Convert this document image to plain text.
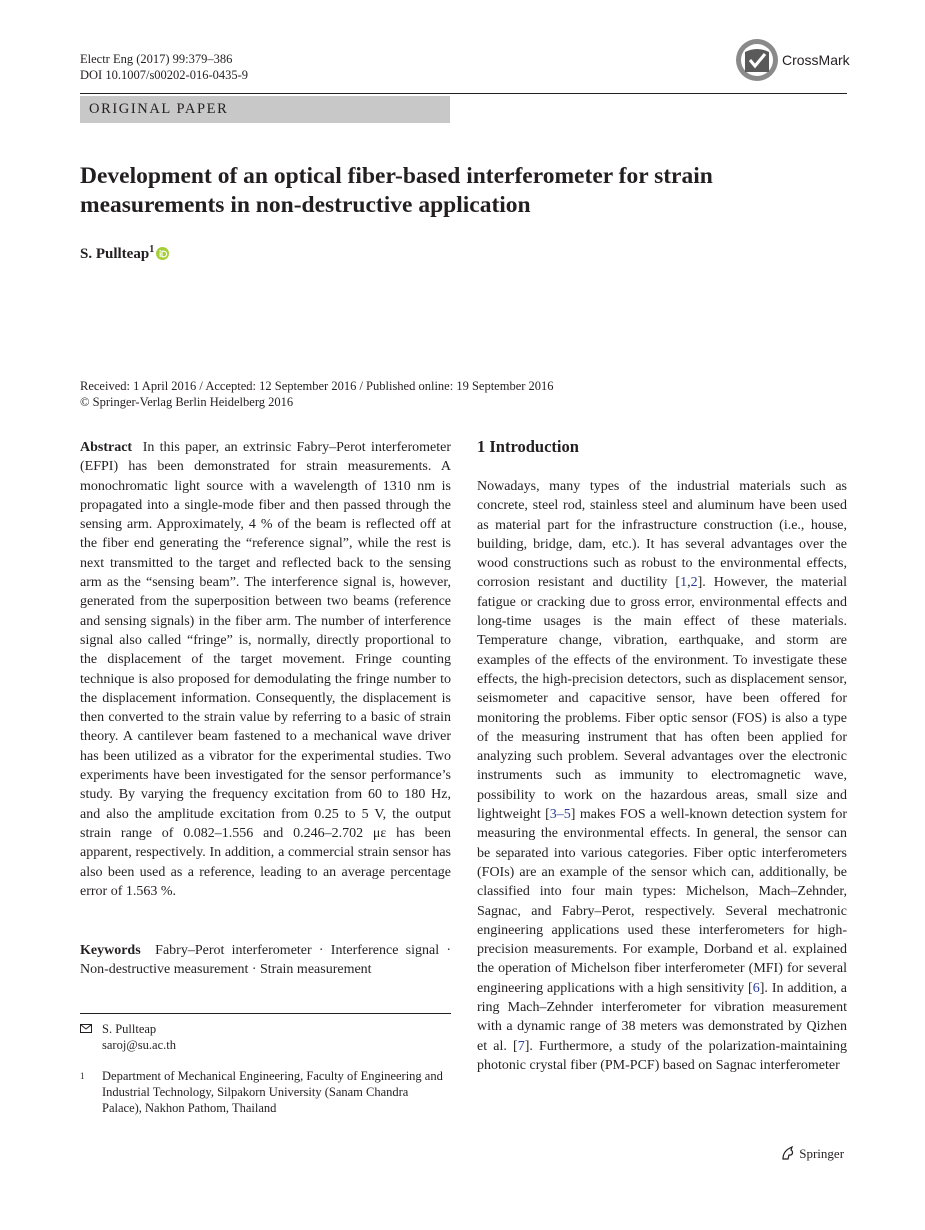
Electr Eng (2017) 99:379–386
DOI 10.1007/s00202-016-0435-9
CrossMark
ORIGINAL PAPER
Development of an optical fiber-based interferometer for strain
measurements in non-destructive application
S. Pullteap$^1$
Received: 1 April 2016 / Accepted: 12 September 2016 / Published online: 19 September 2016
© Springer-Verlag Berlin Heidelberg 2016
Abstract In this paper, an extrinsic Fabry–Perot interferometer (EFPI) has been demonstrated for strain measurements. A monochromatic light source with a wavelength of 1310 nm is propagated into a single-mode fiber and then passed through the sensing arm. Approximately, 4 % of the beam is reflected off at the fiber end generating the “reference signal”, while the rest is next transmitted to the target and reflected back to the sensing arm as the “sensing beam”. The interference signal is, however, generated from the superposition between two beams (reference and sensing signals) in the fiber arm. The number of interference signal also called “fringe” is, normally, directly proportional to the displacement of the target movement. Fringe counting technique is also proposed for demodulating the fringe number to the displacement information. Consequently, the displacement is then converted to the strain value by referring to a basic of strain theory. A cantilever beam fastened to a mechanical wave driver has been utilized as a vibrator for the experimental studies. Two experiments have been investigated for the sensor performance’s study. By varying the frequency excitation from 60 to 180 Hz, and also the amplitude excitation from 0.25 to 5 V, the output strain range of 0.082–1.556 and 0.246–2.702 με has been apparent, respectively. In addition, a commercial strain sensor has also been used as a reference, leading to an average percentage error of 1.563 %.
Keywords Fabry–Perot interferometer · Interference signal · Non-destructive measurement · Strain measurement
S. Pullteap
saroj@su.ac.th
1 Department of Mechanical Engineering, Faculty of Engineering and Industrial Technology, Silpakorn University (Sanam Chandra Palace), Nakhon Pathom, Thailand
1 Introduction
Nowadays, many types of the industrial materials such as concrete, steel rod, stainless steel and aluminum have been used as material part for the infrastructure construction (i.e., house, building, bridge, dam, etc.). It has several advantages over the wood constructions such as robust to the environmental effects, corrosion resistant and ductility [1,2]. However, the material fatigue or cracking due to gross error, environmental effects and long-time usages is the main effect of these materials. Temperature change, vibration, earthquake, and storm are examples of the effects of the environment. To investigate these effects, the high-precision detectors, such as displacement sensor, seismometer and capacitive sensor, have been offered for monitoring the problems. Fiber optic sensor (FOS) is also a type of the measuring instrument that has often been applied for analyzing such problem. Several advantages over the electronic instruments such as immunity to electromagnetic wave, possibility to work on the hazardous areas, small size and lightweight [3–5] makes FOS a well-known detection system for measuring the environmental effects. In general, the sensor can be separated into various categories. Fiber optic interferometers (FOIs) are an example of the sensor which can, additionally, be classified into four main types: Michelson, Mach–Zehnder, Sagnac, and Fabry–Perot, respectively. Several mechatronic engineering applications used these interferometers for high-precision measurements. For example, Dorband et al. explained the operation of Michelson fiber interferometer (MFI) for several engineering applications with a high sensitivity [6]. In addition, a ring Mach–Zehnder interferometer for vibration measurement with a dynamic range of 38 meters was demonstrated by Qizhen et al. [7]. Furthermore, a study of the polarization-maintaining photonic crystal fiber (PM-PCF) based on Sagnac interferometer
Springer
